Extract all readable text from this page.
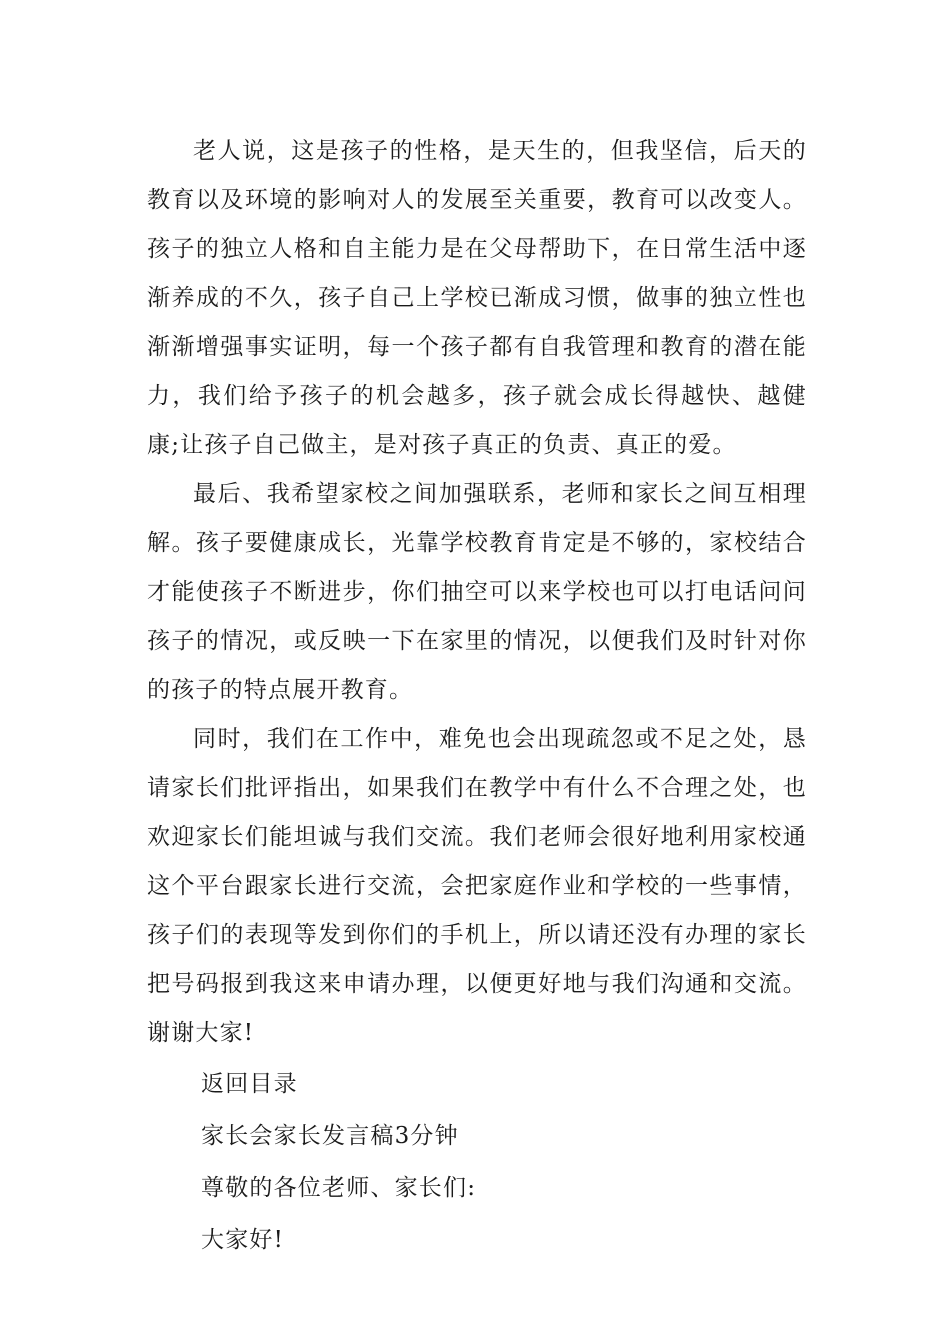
老人说，这是孩子的性格，是天生的，但我坚信，后天的教育以及环境的影响对人的发展至关重要，教育可以改变人。孩子的独立人格和自主能力是在父母帮助下，在日常生活中逐渐养成的不久，孩子自己上学校已渐成习惯，做事的独立性也渐渐增强事实证明，每一个孩子都有自我管理和教育的潜在能力，我们给予孩子的机会越多，孩子就会成长得越快、越健康;让孩子自己做主，是对孩子真正的负责、真正的爱。

最后、我希望家校之间加强联系，老师和家长之间互相理解。孩子要健康成长，光靠学校教育肯定是不够的，家校结合才能使孩子不断进步，你们抽空可以来学校也可以打电话问问孩子的情况，或反映一下在家里的情况，以便我们及时针对你的孩子的特点展开教育。

同时，我们在工作中，难免也会出现疏忽或不足之处，恳请家长们批评指出，如果我们在教学中有什么不合理之处，也欢迎家长们能坦诚与我们交流。我们老师会很好地利用家校通这个平台跟家长进行交流，会把家庭作业和学校的一些事情，孩子们的表现等发到你们的手机上，所以请还没有办理的家长把号码报到我这来申请办理，以便更好地与我们沟通和交流。谢谢大家!

返回目录

家长会家长发言稿3分钟

尊敬的各位老师、家长们:

大家好!
